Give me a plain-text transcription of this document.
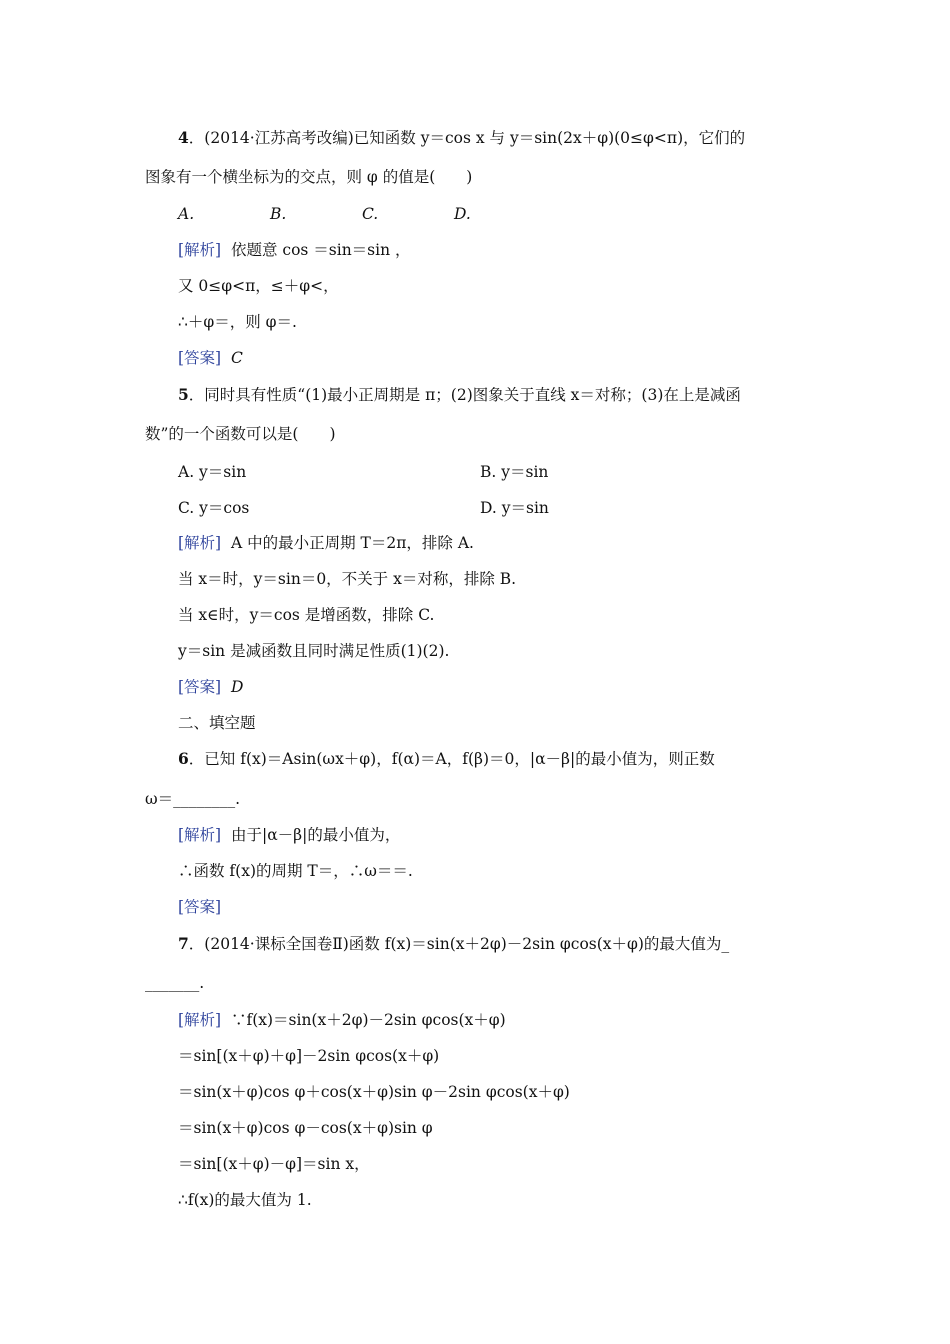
4．(2014·江苏高考改编)已知函数 y＝cos x 与 y＝sin(2x＋φ)(0≤φ<π)，它们的
图象有一个横坐标为的交点，则 φ 的值是(　　)
A.	B.	C.	D.
[解析] 依题意 cos ＝sin＝sin ，
又 0≤φ<π，≤＋φ<，
∴＋φ＝，则 φ＝.
[答案] C
5．同时具有性质“(1)最小正周期是 π；(2)图象关于直线 x＝对称；(3)在上是减函
数”的一个函数可以是(　　)
A. y＝sin	B. y＝sin
C. y＝cos	D. y＝sin
[解析] A 中的最小正周期 T＝2π，排除 A.
当 x＝时，y＝sin＝0，不关于 x＝对称，排除 B.
当 x∈时，y＝cos 是增函数，排除 C.
y＝sin 是减函数且同时满足性质(1)(2).
[答案] D
二、填空题
6．已知 f(x)＝Asin(ωx＋φ)，f(α)＝A，f(β)＝0，|α－β|的最小值为，则正数
ω＝________.
[解析] 由于|α－β|的最小值为，
∴函数 f(x)的周期 T＝，∴ω＝＝.
[答案]
7．(2014·课标全国卷Ⅱ)函数 f(x)＝sin(x＋2φ)－2sin φcos(x＋φ)的最大值为_
_______.
[解析] ∵f(x)＝sin(x＋2φ)－2sin φcos(x＋φ)
＝sin[(x＋φ)＋φ]－2sin φcos(x＋φ)
＝sin(x＋φ)cos φ＋cos(x＋φ)sin φ－2sin φcos(x＋φ)
＝sin(x＋φ)cos φ－cos(x＋φ)sin φ
＝sin[(x＋φ)－φ]＝sin x，
∴f(x)的最大值为 1.
